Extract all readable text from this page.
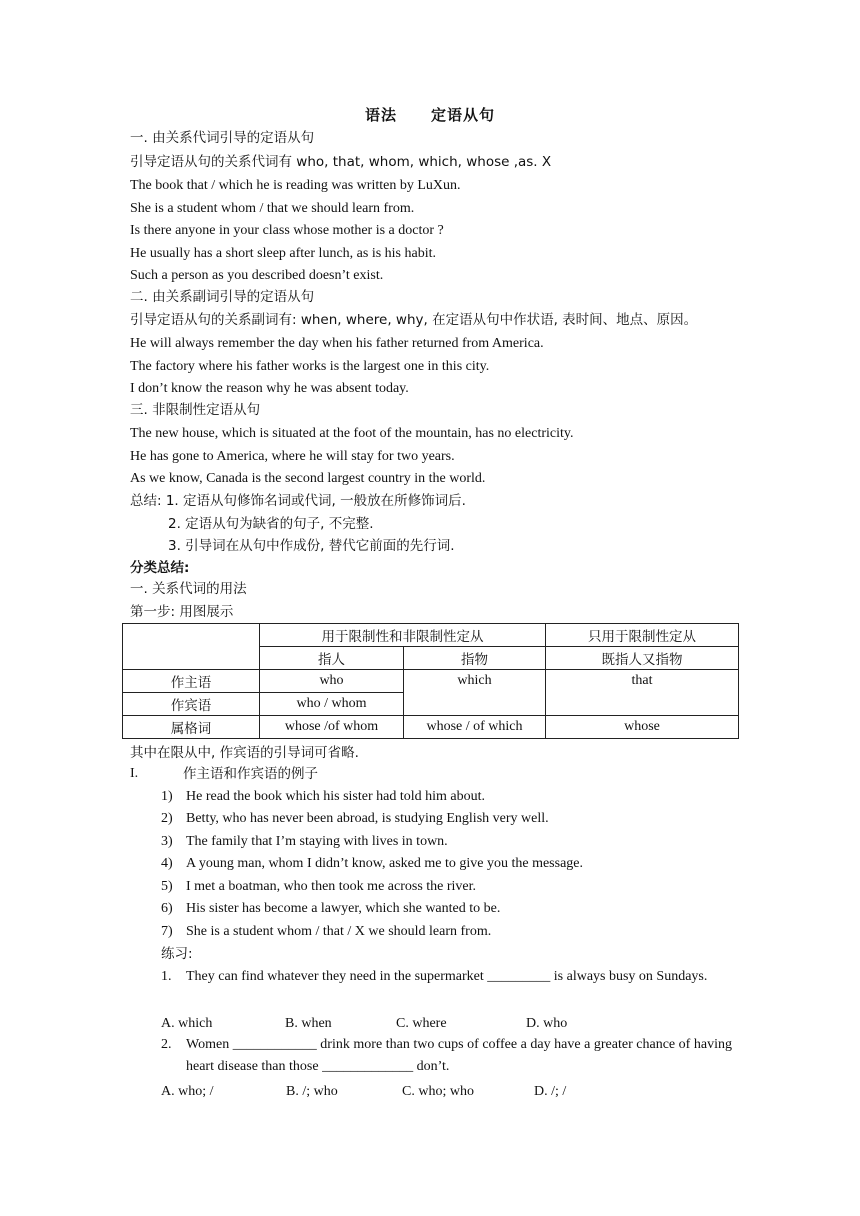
语法 定语从句
一. 由关系代词引导的定语从句
引导定语从句的关系代词有 who, that, whom, which, whose ,as. X
The book that / which he is reading was written by LuXun.
She is a student whom / that we should learn from.
Is there anyone in your class whose mother is a doctor ?
He usually has a short sleep after lunch, as is his habit.
Such a person as you described doesn’t exist.
二. 由关系副词引导的定语从句
引导定语从句的关系副词有: when, where, why, 在定语从句中作状语, 表时间、地点、原因。
He will always remember the day when his father returned from America.
The factory where his father works is the largest one in this city.
I don’t know the reason why he was absent today.
三. 非限制性定语从句
The new house, which is situated at the foot of the mountain, has no electricity.
He has gone to America, where he will stay for two years.
As we know, Canada is the second largest country in the world.
总结: 1. 定语从句修饰名词或代词, 一般放在所修饰词后.
2. 定语从句为缺省的句子, 不完整.
3. 引导词在从句中作成份, 替代它前面的先行词.
分类总结:
一. 关系代词的用法
第一步: 用图展示
	用于限制性和非限制性定从		只用于限制性定从
	指人	指物	既指人又指物
作主语	who	which	that
作宾语	who / whom		
属格词	whose /of whom	whose / of which	whose
其中在限从中, 作宾语的引导词可省略.
I.	作主语和作宾语的例子
1) He read the book which his sister had told him about.
2) Betty, who has never been abroad, is studying English very well.
3) The family that I’m staying with lives in town.
4) A young man, whom I didn’t know, asked me to give you the message.
5) I met a boatman, who then took me across the river.
6) His sister has become a lawyer, which she wanted to be.
7) She is a student whom / that / X we should learn from.
练习:
1. They can find whatever they need in the supermarket _________ is always busy on Sundays.
A. which	B. when	C. where	D. who
2. Women ____________ drink more than two cups of coffee a day have a greater chance of having heart disease than those _____________ don’t.
A. who; /	B. /; who	C. who; who	D. /; /
